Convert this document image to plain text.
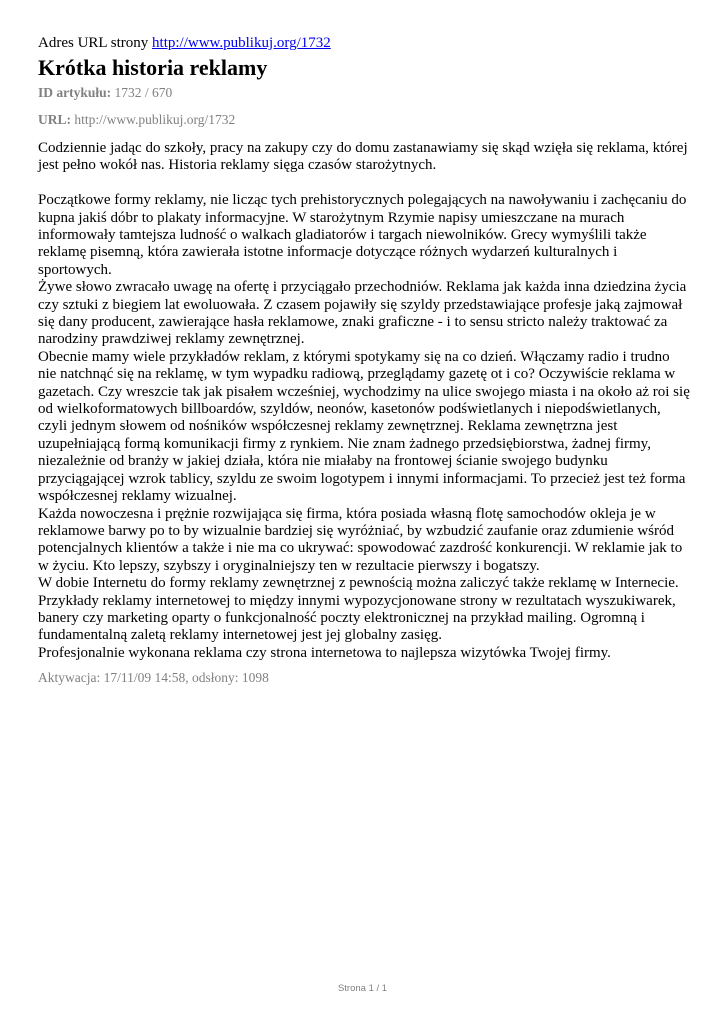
Adres URL strony http://www.publikuj.org/1732

Krótka historia reklamy

ID artykułu: 1732 / 670

URL: http://www.publikuj.org/1732

Codziennie jadąc do szkoły, pracy na zakupy czy do domu zastanawiamy się skąd wzięła się reklama, której jest pełno wokół nas. Historia reklamy sięga czasów starożytnych.

Początkowe formy reklamy, nie licząc tych prehistorycznych polegających na nawoływaniu i zachęcaniu do kupna jakiś dóbr to plakaty informacyjne. W starożytnym Rzymie napisy umieszczane na murach informowały tamtejsza ludność o walkach gladiatorów i targach niewolników. Grecy wymyślili także reklamę pisemną, która zawierała istotne informacje dotyczące różnych wydarzeń kulturalnych i sportowych.

Żywe słowo zwracało uwagę na ofertę i przyciągało przechodniów. Reklama jak każda inna dziedzina życia czy sztuki z biegiem lat ewoluowała. Z czasem pojawiły się szyldy przedstawiające profesje jaką zajmował się dany producent, zawierające hasła reklamowe, znaki graficzne - i to sensu stricto należy traktować za narodziny prawdziwej reklamy zewnętrznej.

Obecnie mamy wiele przykładów reklam, z którymi spotykamy się na co dzień. Włączamy radio i trudno nie natchnąć się na reklamę, w tym wypadku radiową, przeglądamy gazetę ot i co? Oczywiście reklama w gazetach. Czy wreszcie tak jak pisałem wcześniej, wychodzimy na ulice swojego miasta i na około aż roi się od wielkoformatowych billboardów, szyldów, neonów, kasetonów podświetlanych i niepodświetlanych, czyli jednym słowem od nośników współczesnej reklamy zewnętrznej. Reklama zewnętrzna jest uzupełniającą formą komunikacji firmy z rynkiem. Nie znam żadnego przedsiębiorstwa, żadnej firmy, niezależnie od branży w jakiej działa, która nie miałaby na frontowej ścianie swojego budynku przyciągającej wzrok tablicy, szyldu ze swoim logotypem i innymi informacjami. To przecież jest też forma współczesnej reklamy wizualnej.

Każda nowoczesna i prężnie rozwijająca się firma, która posiada własną flotę samochodów okleja je w reklamowe barwy po to by wizualnie bardziej się wyróżniać, by wzbudzić zaufanie oraz zdumienie wśród potencjalnych klientów a także i nie ma co ukrywać: spowodować zazdrość konkurencji. W reklamie jak to w życiu. Kto lepszy, szybszy i oryginalniejszy ten w rezultacie pierwszy i bogatszy.

W dobie Internetu do formy reklamy zewnętrznej z pewnością można zaliczyć także reklamę w Internecie. Przykłady reklamy internetowej to między innymi wypozycjonowane strony w rezultatach wyszukiwarek, banery czy marketing oparty o funkcjonalność poczty elektronicznej na przykład mailing. Ogromną i fundamentalną zaletą reklamy internetowej jest jej globalny zasięg.

Profesjonalnie wykonana reklama czy strona internetowa to najlepsza wizytówka Twojej firmy.

Aktywacja: 17/11/09 14:58, odsłony: 1098

Strona 1 / 1
